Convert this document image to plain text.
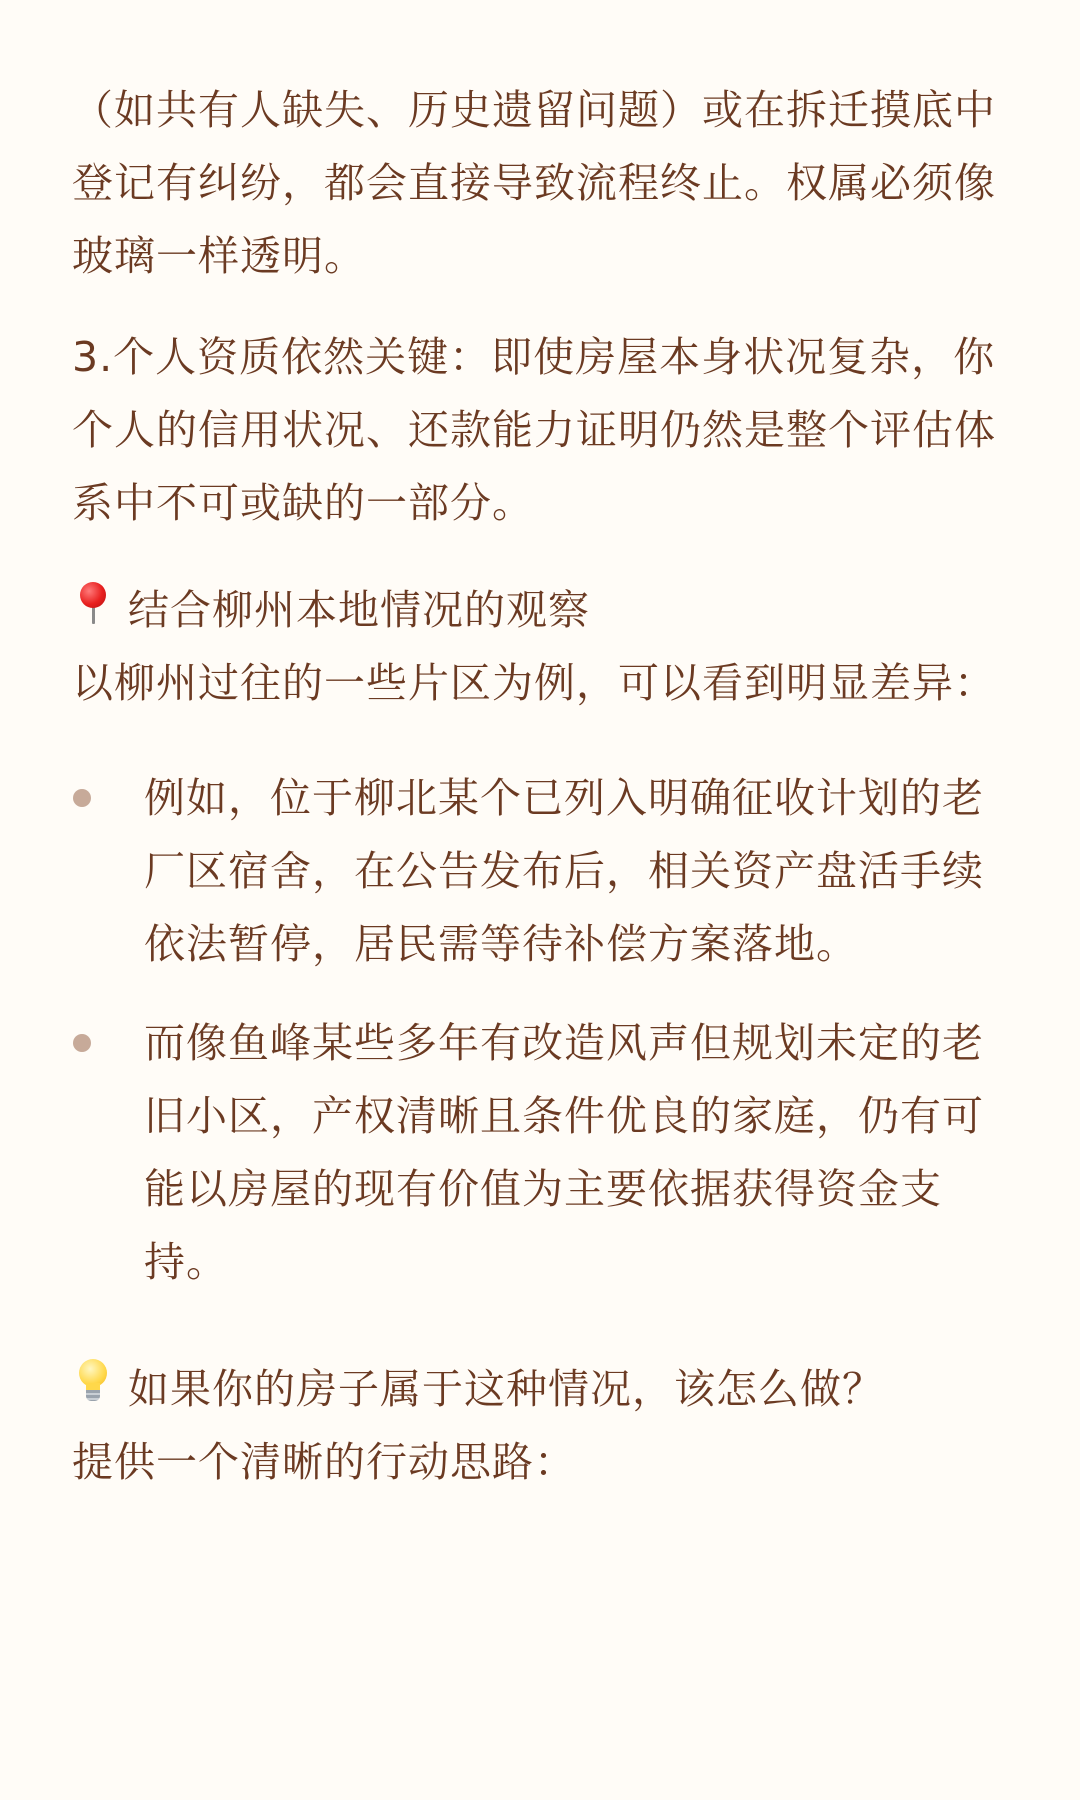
（如共有人缺失、历史遗留问题）或在拆迁摸底中登记有纠纷，都会直接导致流程终止。权属必须像玻璃一样透明。

3.个人资质依然关键：即使房屋本身状况复杂，你个人的信用状况、还款能力证明仍然是整个评估体系中不可或缺的一部分。

结合柳州本地情况的观察

以柳州过往的一些片区为例，可以看到明显差异：

例如，位于柳北某个已列入明确征收计划的老厂区宿舍，在公告发布后，相关资产盘活手续依法暂停，居民需等待补偿方案落地。
而像鱼峰某些多年有改造风声但规划未定的老旧小区，产权清晰且条件优良的家庭，仍有可能以房屋的现有价值为主要依据获得资金支持。
如果你的房子属于这种情况，该怎么做？

提供一个清晰的行动思路：
